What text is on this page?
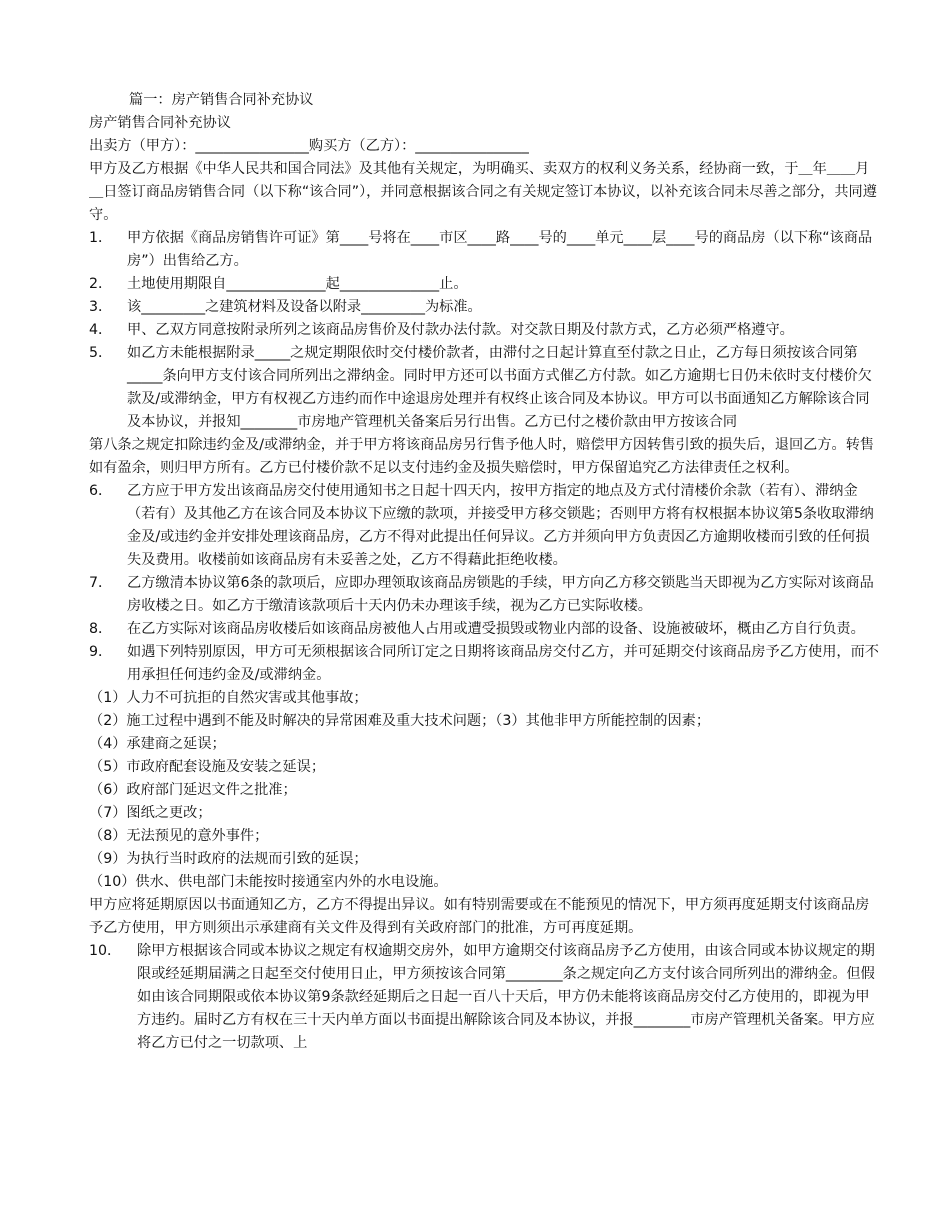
篇一：房产销售合同补充协议

房产销售合同补充协议

出卖方（甲方）：________________购买方（乙方）：________________

甲方及乙方根据《中华人民共和国合同法》及其他有关规定，为明确买、卖双方的权利义务关系，经协商一致，于＿年＿＿月＿日签订商品房销售合同（以下称“该合同”），并同意根据该合同之有关规定签订本协议，以补充该合同未尽善之部分，共同遵守。

1． 甲方依据《商品房销售许可证》第____号将在____市区____路____号的____单元____层____号的商品房（以下称“该商品房”）出售给乙方。
2． 土地使用期限自______________起______________止。
3． 该_________之建筑材料及设备以附录_________为标准。
4． 甲、乙双方同意按附录所列之该商品房售价及付款办法付款。对交款日期及付款方式，乙方必须严格遵守。
5． 如乙方未能根据附录_____之规定期限依时交付楼价款者，由滞付之日起计算直至付款之日止，乙方每日须按该合同第_____条向甲方支付该合同所列出之滞纳金。同时甲方还可以书面方式催乙方付款。如乙方逾期七日仍未依时支付楼价欠款及/或滞纳金，甲方有权视乙方违约而作中途退房处理并有权终止该合同及本协议。甲方可以书面通知乙方解除该合同及本协议，并报知________市房地产管理机关备案后另行出售。乙方已付之楼价款由甲方按该合同

第八条之规定扣除违约金及/或滞纳金，并于甲方将该商品房另行售予他人时，赔偿甲方因转售引致的损失后，退回乙方。转售如有盈余，则归甲方所有。乙方已付楼价款不足以支付违约金及损失赔偿时，甲方保留追究乙方法律责任之权利。

6． 乙方应于甲方发出该商品房交付使用通知书之日起十四天内，按甲方指定的地点及方式付清楼价余款（若有）、滞纳金（若有）及其他乙方在该合同及本协议下应缴的款项，并接受甲方移交锁匙；否则甲方将有权根据本协议第5条收取滞纳金及/或违约金并安排处理该商品房，乙方不得对此提出任何异议。乙方并须向甲方负责因乙方逾期收楼而引致的任何损失及费用。收楼前如该商品房有未妥善之处，乙方不得藉此拒绝收楼。
7． 乙方缴清本协议第6条的款项后，应即办理领取该商品房锁匙的手续，甲方向乙方移交锁匙当天即视为乙方实际对该商品房收楼之日。如乙方于缴清该款项后十天内仍未办理该手续，视为乙方已实际收楼。
8． 在乙方实际对该商品房收楼后如该商品房被他人占用或遭受损毁或物业内部的设备、设施被破坏，概由乙方自行负责。
9． 如遇下列特别原因，甲方可无须根据该合同所订定之日期将该商品房交付乙方，并可延期交付该商品房予乙方使用，而不用承担任何违约金及/或滞纳金。

（1）人力不可抗拒的自然灾害或其他事故；

（2）施工过程中遇到不能及时解决的异常困难及重大技术问题；（3）其他非甲方所能控制的因素；

（4）承建商之延误；

（5）市政府配套设施及安装之延误；

（6）政府部门延迟文件之批准；

（7）图纸之更改；

（8）无法预见的意外事件；

（9）为执行当时政府的法规而引致的延误；

（10）供水、供电部门未能按时接通室内外的水电设施。

甲方应将延期原因以书面通知乙方，乙方不得提出异议。如有特别需要或在不能预见的情况下，甲方须再度延期支付该商品房予乙方使用，甲方则须出示承建商有关文件及得到有关政府部门的批准，方可再度延期。

10． 除甲方根据该合同或本协议之规定有权逾期交房外，如甲方逾期交付该商品房予乙方使用，由该合同或本协议规定的期限或经延期届满之日起至交付使用日止，甲方须按该合同第________条之规定向乙方支付该合同所列出的滞纳金。但假如由该合同期限或依本协议第9条款经延期后之日起一百八十天后，甲方仍未能将该商品房交付乙方使用的，即视为甲方违约。届时乙方有权在三十天内单方面以书面提出解除该合同及本协议，并报________市房产管理机关备案。甲方应将乙方已付之一切款项、上
